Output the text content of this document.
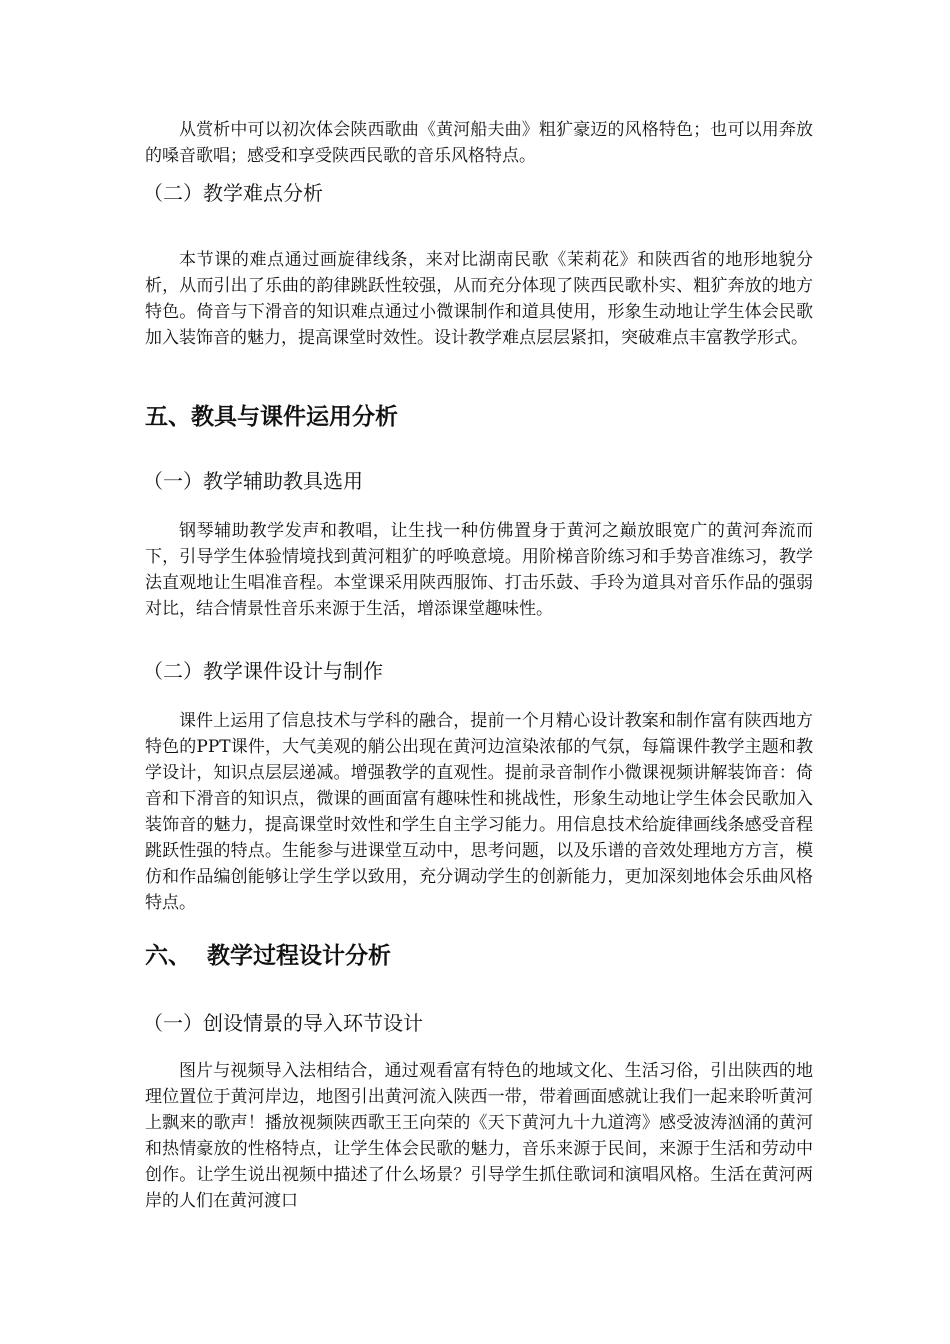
从赏析中可以初次体会陕西歌曲《黄河船夫曲》粗犷豪迈的风格特色；也可以用奔放的嗓音歌唱；感受和享受陕西民歌的音乐风格特点。

（二）教学难点分析

本节课的难点通过画旋律线条，来对比湖南民歌《茉莉花》和陕西省的地形地貌分析，从而引出了乐曲的韵律跳跃性较强，从而充分体现了陕西民歌朴实、粗犷奔放的地方特色。倚音与下滑音的知识难点通过小微课制作和道具使用，形象生动地让学生体会民歌加入装饰音的魅力，提高课堂时效性。设计教学难点层层紧扣，突破难点丰富教学形式。

五、教具与课件运用分析
（一）教学辅助教具选用

钢琴辅助教学发声和教唱，让生找一种仿佛置身于黄河之巅放眼宽广的黄河奔流而下，引导学生体验情境找到黄河粗犷的呼唤意境。用阶梯音阶练习和手势音准练习，教学法直观地让生唱准音程。本堂课采用陕西服饰、打击乐鼓、手玲为道具对音乐作品的强弱对比，结合情景性音乐来源于生活，增添课堂趣味性。

（二）教学课件设计与制作

课件上运用了信息技术与学科的融合，提前一个月精心设计教案和制作富有陕西地方特色的PPT课件，大气美观的艄公出现在黄河边渲染浓郁的气氛，每篇课件教学主题和教学设计，知识点层层递减。增强教学的直观性。提前录音制作小微课视频讲解装饰音：倚音和下滑音的知识点，微课的画面富有趣味性和挑战性，形象生动地让学生体会民歌加入装饰音的魅力，提高课堂时效性和学生自主学习能力。用信息技术给旋律画线条感受音程跳跃性强的特点。生能参与进课堂互动中，思考问题，以及乐谱的音效处理地方方言，模仿和作品编创能够让学生学以致用，充分调动学生的创新能力，更加深刻地体会乐曲风格特点。

六、  教学过程设计分析
（一）创设情景的导入环节设计

图片与视频导入法相结合，通过观看富有特色的地域文化、生活习俗，引出陕西的地理位置位于黄河岸边，地图引出黄河流入陕西一带，带着画面感就让我们一起来聆听黄河上飘来的歌声！播放视频陕西歌王王向荣的《天下黄河九十九道湾》感受波涛汹涌的黄河和热情豪放的性格特点，让学生体会民歌的魅力，音乐来源于民间，来源于生活和劳动中创作。让学生说出视频中描述了什么场景？引导学生抓住歌词和演唱风格。生活在黄河两岸的人们在黄河渡口
